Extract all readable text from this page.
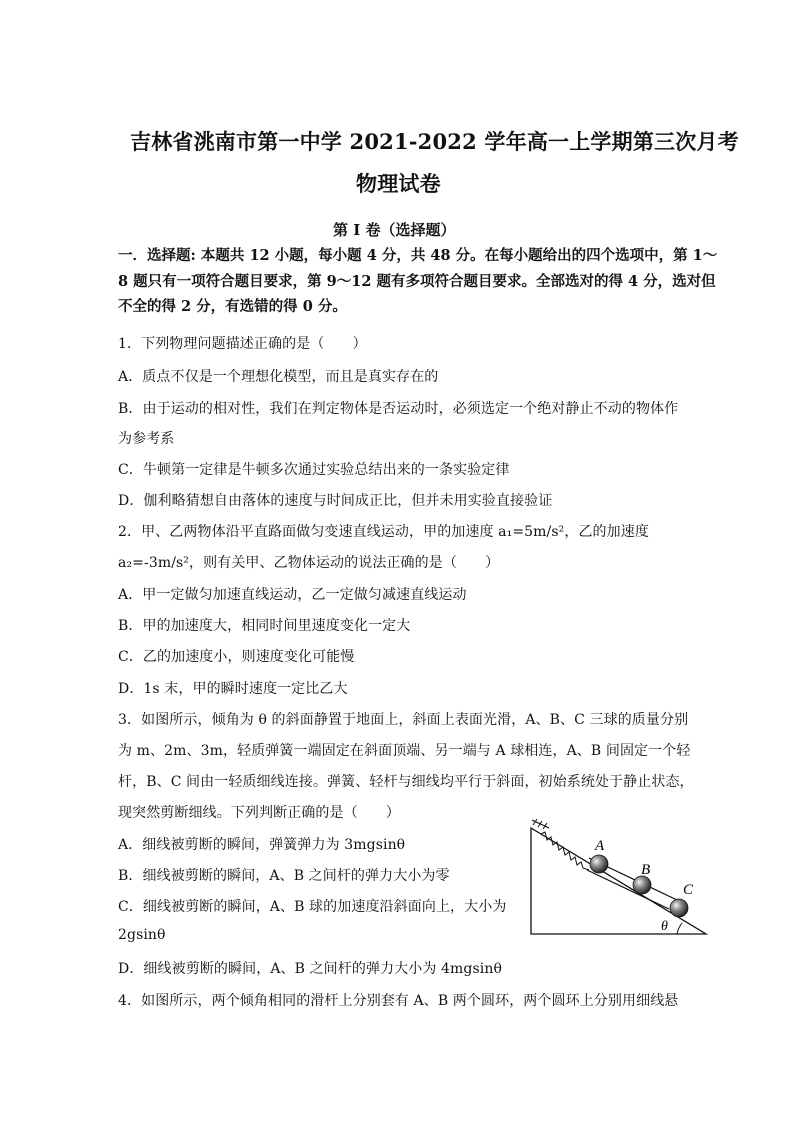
吉林省洮南市第一中学 2021-2022 学年高一上学期第三次月考
物理试卷
第 I 卷（选择题）
一．选择题: 本题共 12 小题，每小题 4 分，共 48 分。在每小题给出的四个选项中，第 1～
8 题只有一项符合题目要求，第 9～12 题有多项符合题目要求。全部选对的得 4 分，选对但
不全的得 2 分，有选错的得 0 分。
1．下列物理问题描述正确的是（　　）
A．质点不仅是一个理想化模型，而且是真实存在的
B．由于运动的相对性，我们在判定物体是否运动时，必须选定一个绝对静止不动的物体作
为参考系
C．牛顿第一定律是牛顿多次通过实验总结出来的一条实验定律
D．伽利略猜想自由落体的速度与时间成正比，但并未用实验直接验证
2．甲、乙两物体沿平直路面做匀变速直线运动，甲的加速度 a₁=5m/s²，乙的加速度
a₂=-3m/s²，则有关甲、乙物体运动的说法正确的是（　　）
A．甲一定做匀加速直线运动，乙一定做匀减速直线运动
B．甲的加速度大，相同时间里速度变化一定大
C．乙的加速度小，则速度变化可能慢
D．1s 末，甲的瞬时速度一定比乙大
3．如图所示，倾角为 θ 的斜面静置于地面上，斜面上表面光滑，A、B、C 三球的质量分别
为 m、2m、3m，轻质弹簧一端固定在斜面顶端、另一端与 A 球相连，A、B 间固定一个轻
杆，B、C 间由一轻质细线连接。弹簧、轻杆与细线均平行于斜面，初始系统处于静止状态，
现突然剪断细线。下列判断正确的是（　　）
A．细线被剪断的瞬间，弹簧弹力为 3mgsinθ
B．细线被剪断的瞬间，A、B 之间杆的弹力大小为零
C．细线被剪断的瞬间，A、B 球的加速度沿斜面向上，大小为
2gsinθ
D．细线被剪断的瞬间，A、B 之间杆的弹力大小为 4mgsinθ
A
B
C
θ
4．如图所示，两个倾角相同的滑杆上分别套有 A、B 两个圆环，两个圆环上分别用细线悬
